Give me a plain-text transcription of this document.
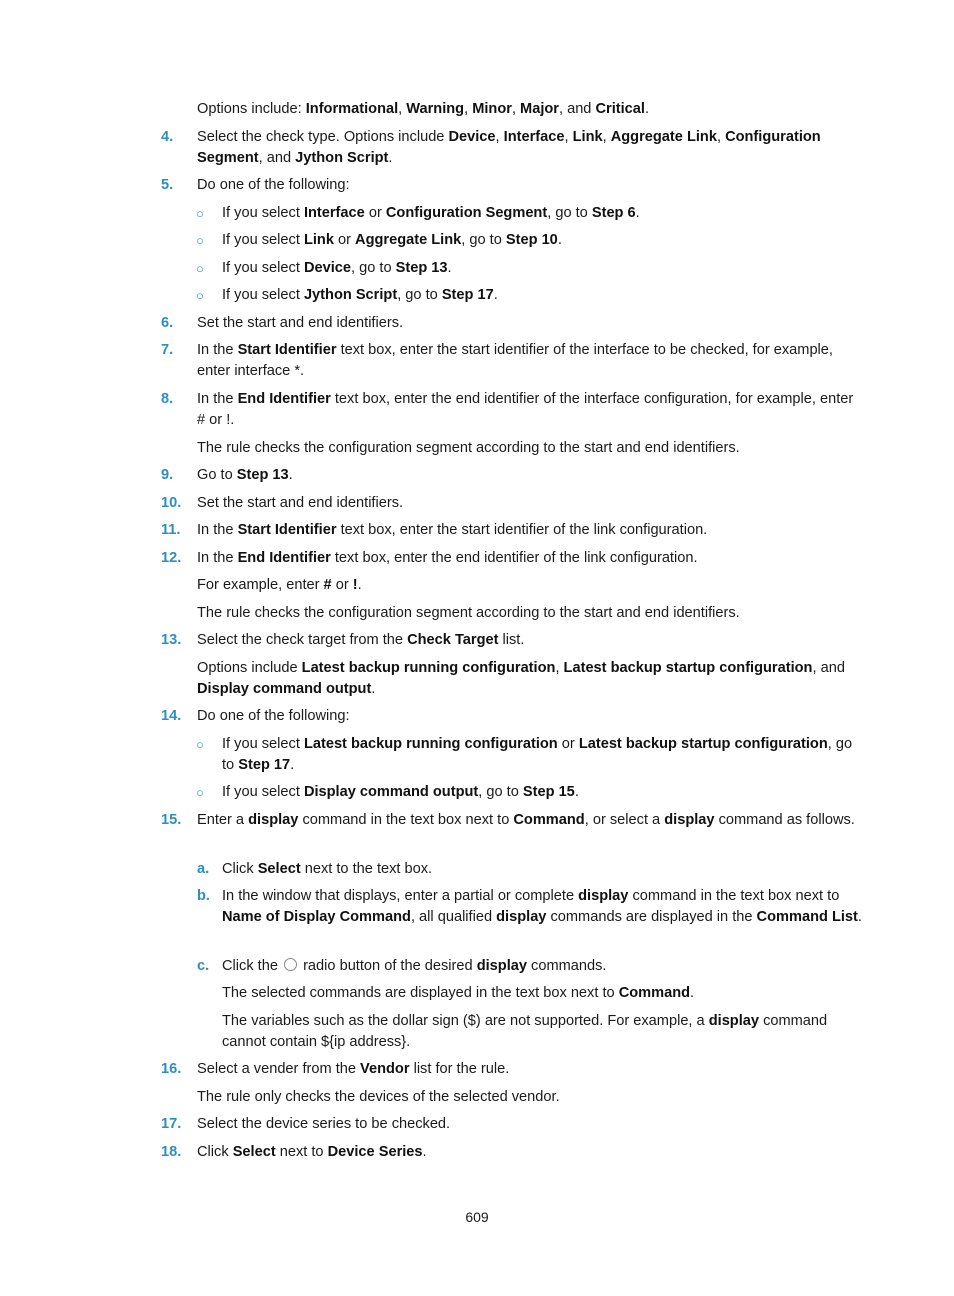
Options include: Informational, Warning, Minor, Major, and Critical.

4. Select the check type. Options include Device, Interface, Link, Aggregate Link, Configuration Segment, and Jython Script.

5. Do one of the following:

○ If you select Interface or Configuration Segment, go to Step 6.

○ If you select Link or Aggregate Link, go to Step 10.

○ If you select Device, go to Step 13.

○ If you select Jython Script, go to Step 17.

6. Set the start and end identifiers.

7. In the Start Identifier text box, enter the start identifier of the interface to be checked, for example, enter interface *.

8. In the End Identifier text box, enter the end identifier of the interface configuration, for example, enter # or !.

The rule checks the configuration segment according to the start and end identifiers.

9. Go to Step 13.

10. Set the start and end identifiers.

11. In the Start Identifier text box, enter the start identifier of the link configuration.

12. In the End Identifier text box, enter the end identifier of the link configuration.

For example, enter # or !.

The rule checks the configuration segment according to the start and end identifiers.

13. Select the check target from the Check Target list.

Options include Latest backup running configuration, Latest backup startup configuration, and Display command output.

14. Do one of the following:

○ If you select Latest backup running configuration or Latest backup startup configuration, go to Step 17.

○ If you select Display command output, go to Step 15.

15. Enter a display command in the text box next to Command, or select a display command as follows.

a. Click Select next to the text box.

b. In the window that displays, enter a partial or complete display command in the text box next to Name of Display Command, all qualified display commands are displayed in the Command List.

c. Click the  radio button of the desired display commands.

The selected commands are displayed in the text box next to Command.

The variables such as the dollar sign ($) are not supported. For example, a display command cannot contain ${ip address}.

16. Select a vender from the Vendor list for the rule.

The rule only checks the devices of the selected vendor.

17. Select the device series to be checked.

18. Click Select next to Device Series.

609
